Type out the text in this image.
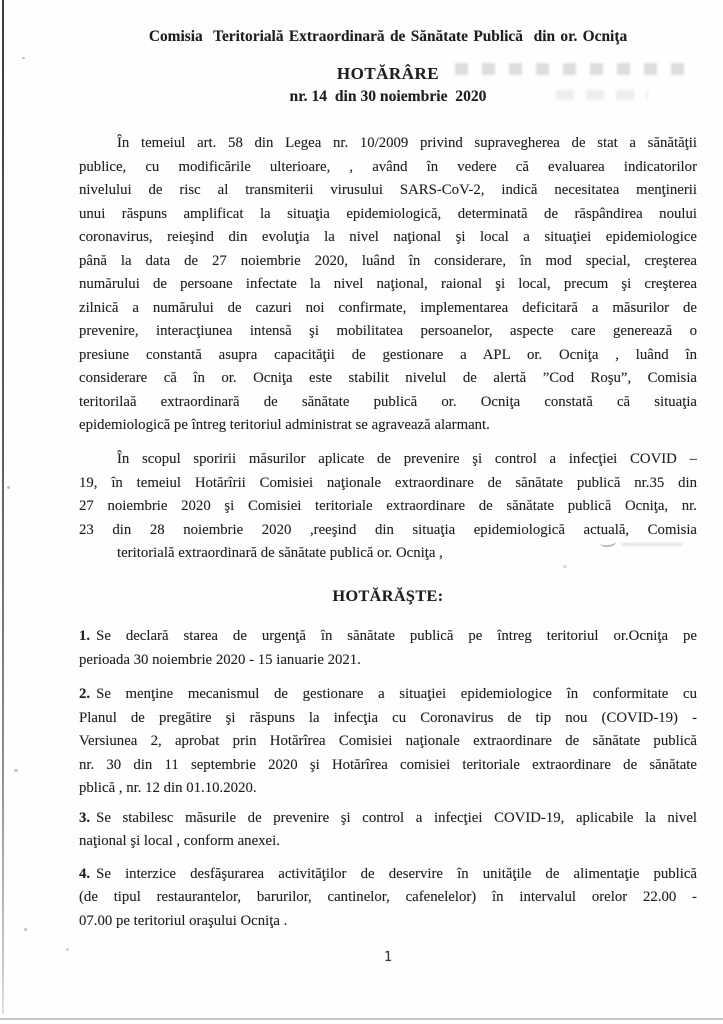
Comisia  Teritorială Extraordinară de Sănătate Publică  din or. Ocniţa
HOTĂRÂRE
nr. 14  din 30 noiembrie  2020
În temeiul art. 58 din Legea nr. 10/2009 privind supravegherea de stat a sănătăţii
publice, cu modificările ulterioare, , având în vedere că evaluarea indicatorilor
nivelului de risc al transmiterii virusului SARS-CoV-2, indică necesitatea menţinerii
unui răspuns amplificat la situaţia epidemiologică, determinată de răspândirea noului
coronavirus, reieşind din evoluţia la nivel naţional şi local a situaţiei epidemiologice
până la data de 27 noiembrie 2020, luând în considerare, în mod special, creşterea
numărului de persoane infectate la nivel naţional, raional şi local, precum şi creşterea
zilnică a numărului de cazuri noi confirmate, implementarea deficitară a măsurilor de
prevenire, interacţiunea intensă şi mobilitatea persoanelor, aspecte care generează o
presiune constantă asupra capacităţii de gestionare a APL or. Ocniţa , luând în
considerare că în or. Ocniţa este stabilit nivelul de alertă ”Cod Roşu”, Comisia
teritorilaă extraordinară de sănătate publică or. Ocniţa constată că situaţia
epidemiologică pe întreg teritoriul administrat se agravează alarmant.
În scopul sporirii măsurilor aplicate de prevenire şi control a infecţiei COVID –
19, în temeiul Hotărîrii Comisiei naţionale extraordinare de sănătate publică nr.35 din
27 noiembrie 2020 şi Comisiei teritoriale extraordinare de sănătate publică Ocniţa, nr.
23 din 28 noiembrie 2020 ,reeşind din situaţia epidemiologică actuală, Comisia
teritorială extraordinară de sănătate publică or. Ocniţa ,
HOTĂRĂŞTE:
1. Se declară starea de urgenţă în sănătate publică pe întreg teritoriul or.Ocniţa pe
perioada 30 noiembrie 2020 - 15 ianuarie 2021.
2. Se menţine mecanismul de gestionare a situaţiei epidemiologice în conformitate cu
Planul de pregătire şi răspuns la infecţia cu Coronavirus de tip nou (COVID-19) -
Versiunea 2, aprobat prin Hotărîrea Comisiei naţionale extraordinare de sănătate publică
nr. 30 din 11 septembrie 2020 şi Hotărîrea comisiei teritoriale extraordinare de sănătate
pblică , nr. 12 din 01.10.2020.
3. Se stabilesc măsurile de prevenire şi control a infecţiei COVID-19, aplicabile la nivel
naţional şi local , conform anexei.
4. Se interzice desfăşurarea activităţilor de deservire în unităţile de alimentaţie publică
(de tipul restaurantelor, barurilor, cantinelor, cafenelelor) în intervalul orelor 22.00 -
07.00 pe teritoriul oraşului Ocniţa .
1
